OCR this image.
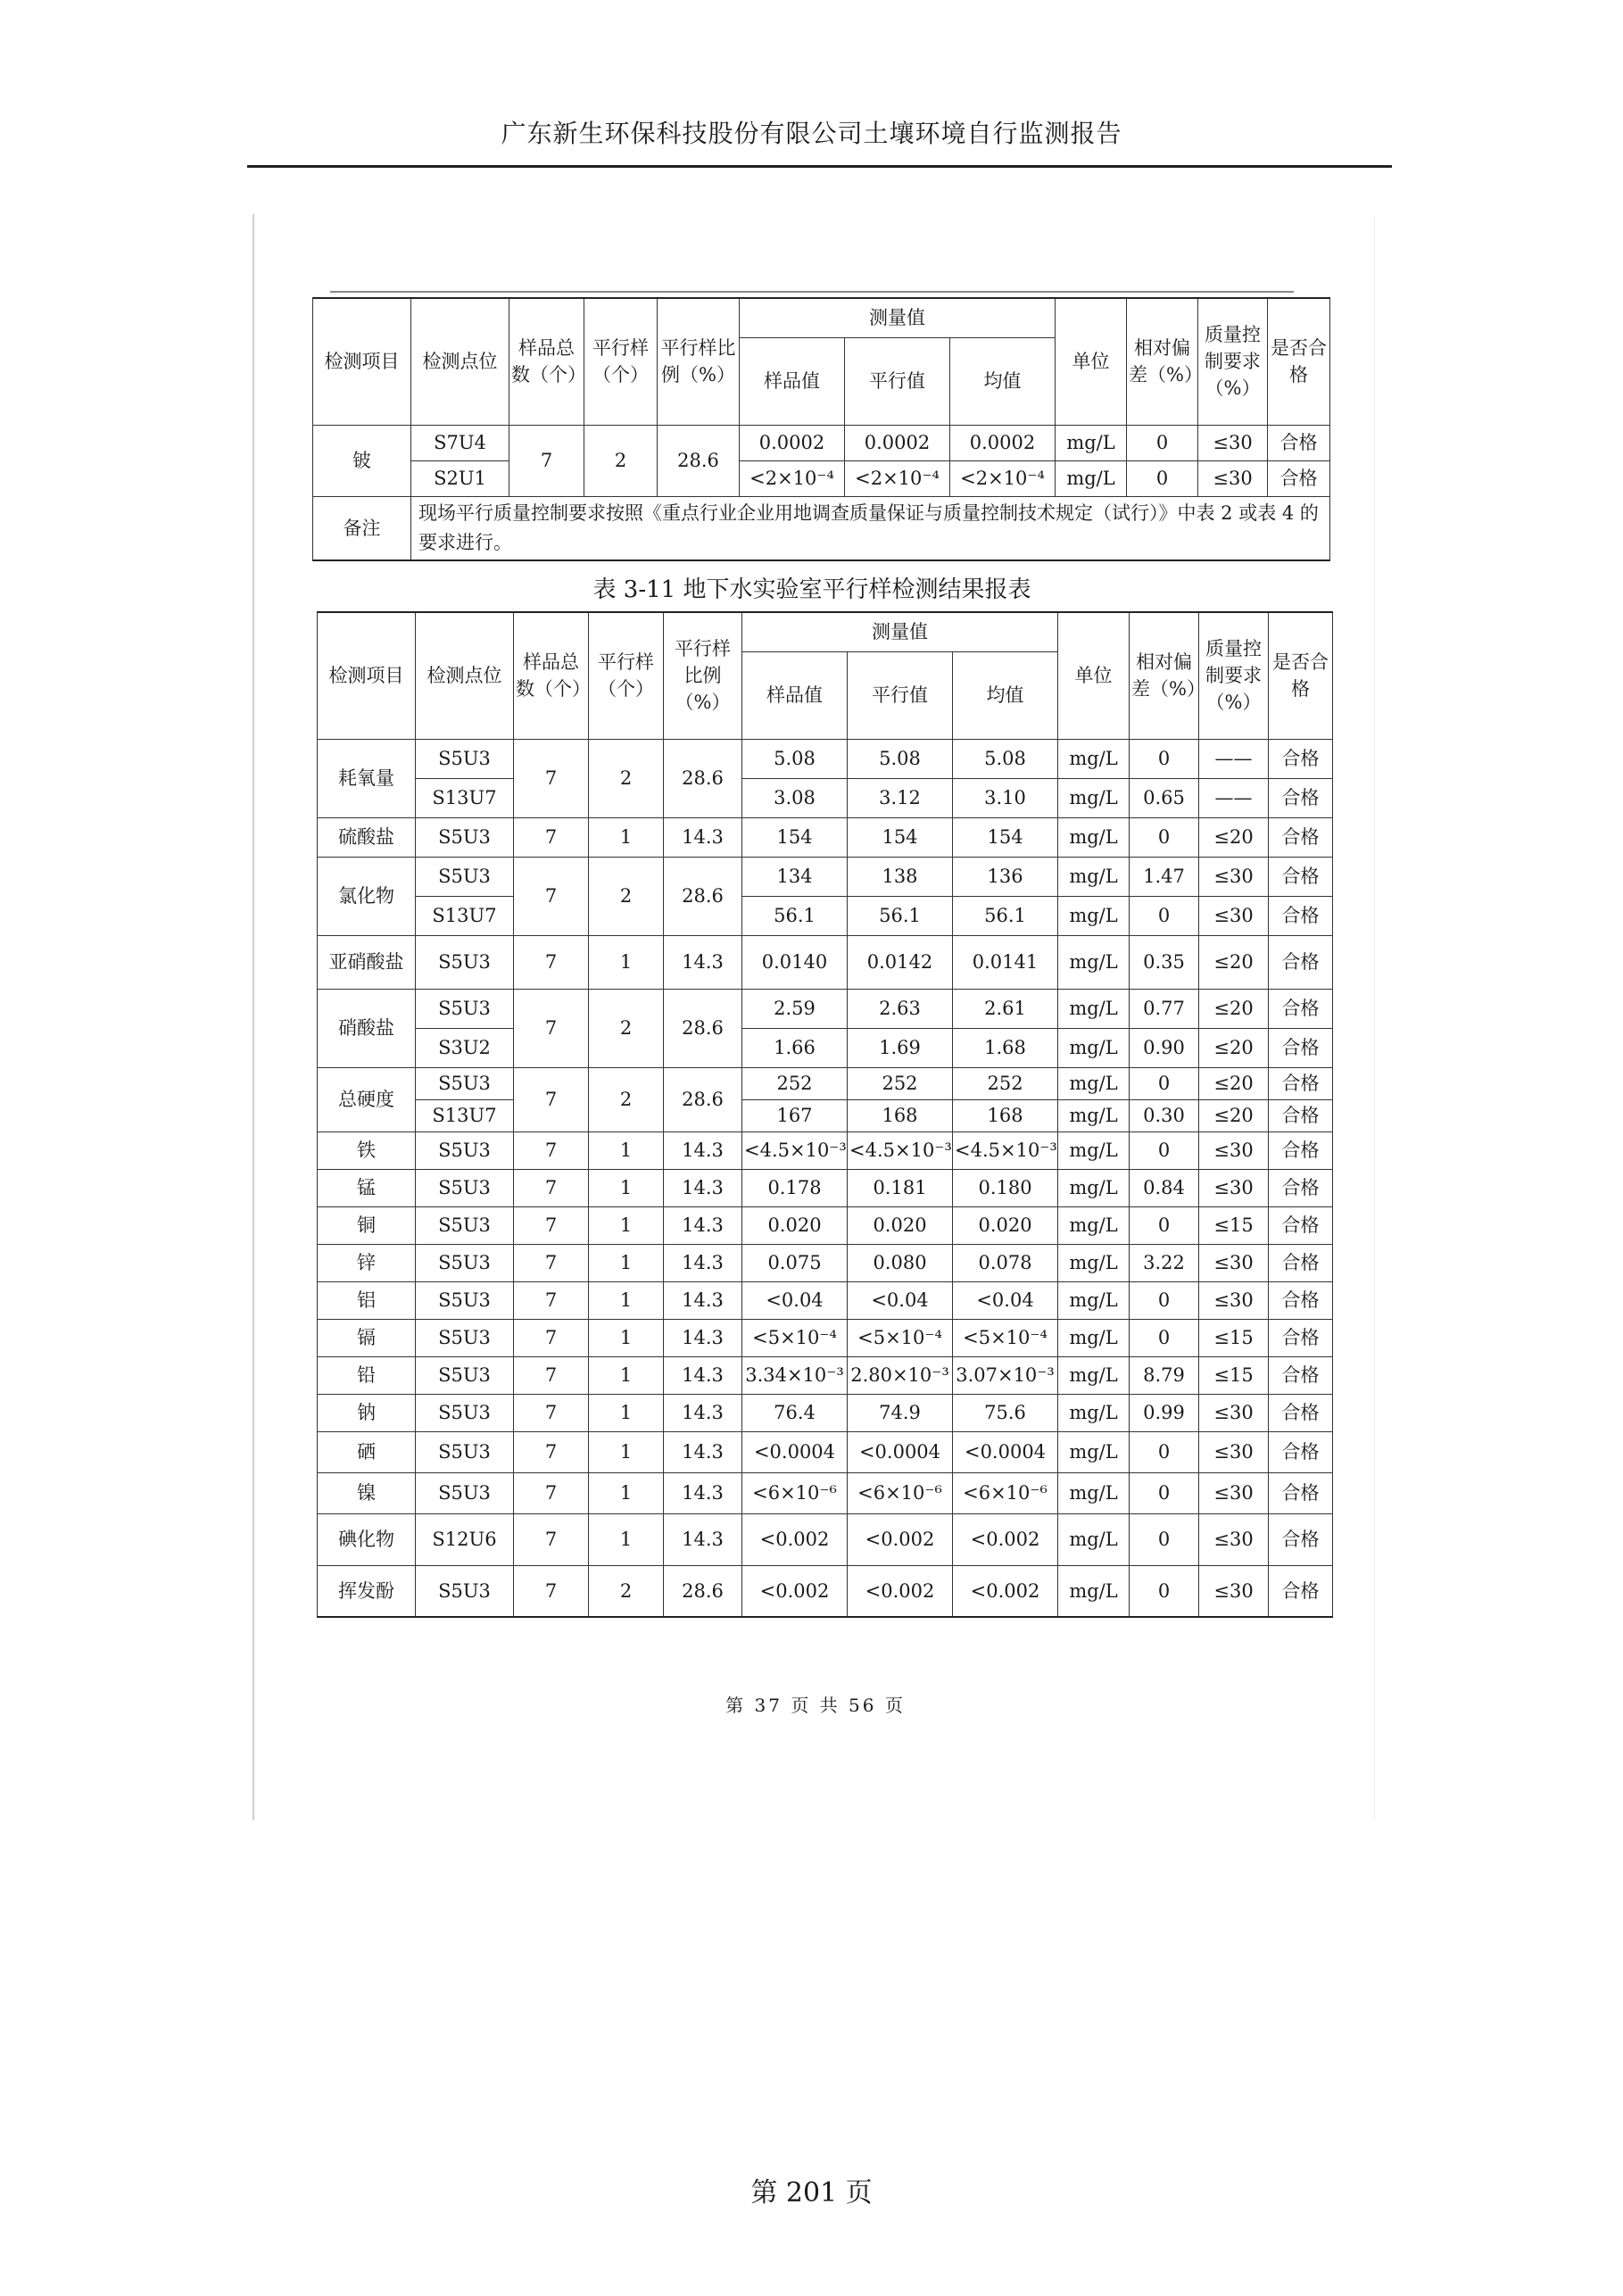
广东新生环保科技股份有限公司土壤环境自行监测报告
检测项目	检测点位	样品总数（个）	平行样（个）	平行样比例（%）	测量值			单位	相对偏差（%）	质量控制要求（%）	是否合格
					样品值	平行值	均值				
铍	S7U4	7	2	28.6	0.0002	0.0002	0.0002	mg/L	0	≤30	合格
	S2U1				<2×10⁻⁴	<2×10⁻⁴	<2×10⁻⁴	mg/L	0	≤30	合格
备注	现场平行质量控制要求按照《重点行业企业用地调查质量保证与质量控制技术规定（试行）》中表 2 或表 4 的要求进行。										
表 3-11 地下水实验室平行样检测结果报表
检测项目	检测点位	样品总数（个）	平行样（个）	平行样比例（%）	测量值			单位	相对偏差（%）	质量控制要求（%）	是否合格
					样品值	平行值	均值				
耗氧量	S5U3	7	2	28.6	5.08	5.08	5.08	mg/L	0	——	合格
	S13U7				3.08	3.12	3.10	mg/L	0.65	——	合格
硫酸盐	S5U3	7	1	14.3	154	154	154	mg/L	0	≤20	合格
氯化物	S5U3	7	2	28.6	134	138	136	mg/L	1.47	≤30	合格
	S13U7				56.1	56.1	56.1	mg/L	0	≤30	合格
亚硝酸盐	S5U3	7	1	14.3	0.0140	0.0142	0.0141	mg/L	0.35	≤20	合格
硝酸盐	S5U3	7	2	28.6	2.59	2.63	2.61	mg/L	0.77	≤20	合格
	S3U2				1.66	1.69	1.68	mg/L	0.90	≤20	合格
总硬度	S5U3	7	2	28.6	252	252	252	mg/L	0	≤20	合格
	S13U7				167	168	168	mg/L	0.30	≤20	合格
铁	S5U3	7	1	14.3	<4.5×10⁻³	<4.5×10⁻³	<4.5×10⁻³	mg/L	0	≤30	合格
锰	S5U3	7	1	14.3	0.178	0.181	0.180	mg/L	0.84	≤30	合格
铜	S5U3	7	1	14.3	0.020	0.020	0.020	mg/L	0	≤15	合格
锌	S5U3	7	1	14.3	0.075	0.080	0.078	mg/L	3.22	≤30	合格
铝	S5U3	7	1	14.3	<0.04	<0.04	<0.04	mg/L	0	≤30	合格
镉	S5U3	7	1	14.3	<5×10⁻⁴	<5×10⁻⁴	<5×10⁻⁴	mg/L	0	≤15	合格
铅	S5U3	7	1	14.3	3.34×10⁻³	2.80×10⁻³	3.07×10⁻³	mg/L	8.79	≤15	合格
钠	S5U3	7	1	14.3	76.4	74.9	75.6	mg/L	0.99	≤30	合格
硒	S5U3	7	1	14.3	<0.0004	<0.0004	<0.0004	mg/L	0	≤30	合格
镍	S5U3	7	1	14.3	<6×10⁻⁶	<6×10⁻⁶	<6×10⁻⁶	mg/L	0	≤30	合格
碘化物	S12U6	7	1	14.3	<0.002	<0.002	<0.002	mg/L	0	≤30	合格
挥发酚	S5U3	7	2	28.6	<0.002	<0.002	<0.002	mg/L	0	≤30	合格
第 37 页 共 56 页
第 201 页
